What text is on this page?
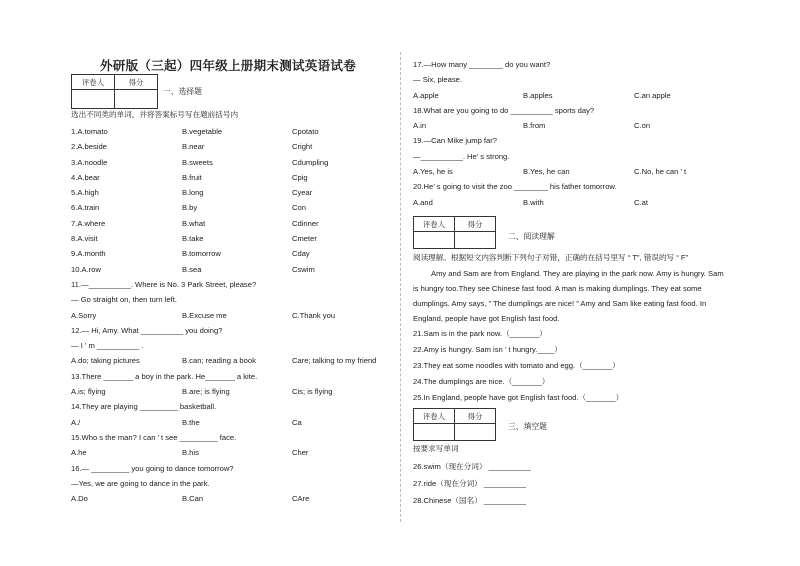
外研版（三起）四年级上册期末测试英语试卷
评卷人	得分

一、选择题
选出不同类的单词，并将答案标号写在题前括号内
1.A.tomato	B.vegetable	Cpotato
2.A.beside	B.near	Cright
3.A.noodle	B.sweets	Cdumpling
4.A.bear	B.fruit	Cpig
5.A.high	B.long	Cyear
6.A.train	B.by	Con
7.A.where	B.what	Cdinner
8.A.visit	B.take	Cmeter
9.A.month	B.tomorrow	Cday
10.A.row	B.sea	Cswim
11.—__________. Where is No. 3 Park Street, please?
— Go straight on, then turn left.
A.Sorry	B.Excuse me	C.Thank you
12.— Hi, Amy. What __________ you doing?
— I ’ m __________ .
A.do; taking pictures	B.can; reading a book	Care; talking to my friend
13.There _______ a boy in the park. He_______ a kite.
A.is; flying	B.are; is flying	Cis; is flying
14.They are playing _________ basketball.
A./	B.the	Ca
15.Who s the man? I can ’ t see _________ face.
A.he	B.his	Cher
16.— _________ you going to dance tomorrow?
—Yes, we are going to dance in the park.
A.Do	B.Can	CAre
17.—How many ________ do you want?
— Six, please.
A.apple	B.apples	C.an apple
18.What are you going to do __________ sports day?
A.in	B.from	C.on
19.—Can Mike jump far?
—__________. He’ s strong.
A.Yes, he is	B.Yes, he can	C.No, he can ’ t
20.He’ s going to visit the zoo ________ his father tomorrow.
A.and	B.with	C.at
评卷人	得分

二、阅读理解
阅读理解。根据短文内容判断下列句子对错，正确的在括号里写 “ T”, 错误的写 “ F”
Amy and Sam are from England. They are playing in the park now. Amy is hungry. Sam
is hungry too.They see Chinese fast food. A man is making dumplings. They eat some
dumplings. Amy says, ” The dumplings are nice! ” Amy and Sam like eating fast food. In
England, people have got English fast food.
21.Sam is in the park now.（_______）
22.Amy is hungry. Sam isn ’ t hungry.____）
23.They eat some noodles with tomato and egg.（_______）
24.The dumplings are nice.（_______）
25.In England, people have got English fast food.（_______）
评卷人	得分

三、填空题
按要求写单词
26.swim（现在分词） __________
27.ride（现在分词） __________
28.Chinese（国名） __________
